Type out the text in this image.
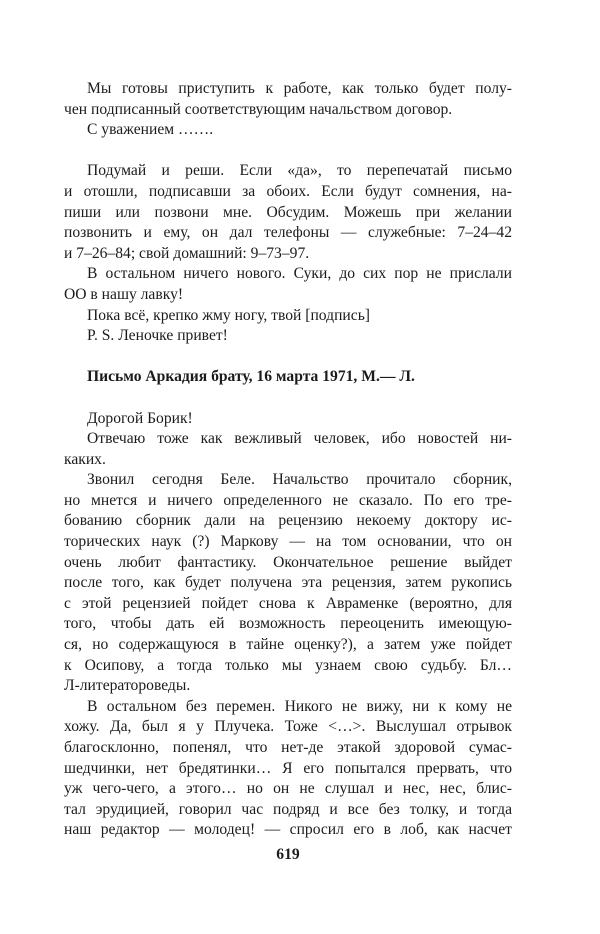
Мы готовы приступить к работе, как только будет полу-
чен подписанный соответствующим начальством договор.
С уважением …….
Подумай и реши. Если «да», то перепечатай письмо
и отошли, подписавши за обоих. Если будут сомнения, на-
пиши или позвони мне. Обсудим. Можешь при желании
позвонить и ему, он дал телефоны — служебные: 7–24–42
и 7–26–84; свой домашний: 9–73–97.
В остальном ничего нового. Суки, до сих пор не прислали
ОО в нашу лавку!
Пока всё, крепко жму ногу, твой [подпись]
P. S. Леночке привет!
Письмо Аркадия брату, 16 марта 1971, М.— Л.
Дорогой Борик!
Отвечаю тоже как вежливый человек, ибо новостей ни-
каких.
Звонил сегодня Беле. Начальство прочитало сборник,
но мнется и ничего определенного не сказало. По его тре-
бованию сборник дали на рецензию некоему доктору ис-
торических наук (?) Маркову — на том основании, что он
очень любит фантастику. Окончательное решение выйдет
после того, как будет получена эта рецензия, затем рукопись
с этой рецензией пойдет снова к Авраменке (вероятно, для
того, чтобы дать ей возможность переоценить имеющую-
ся, но содержащуюся в тайне оценку?), а затем уже пойдет
к Осипову, а тогда только мы узнаем свою судьбу. Бл…
Л-литератороведы.
В остальном без перемен. Никого не вижу, ни к кому не
хожу. Да, был я у Плучека. Тоже <…>. Выслушал отрывок
благосклонно, попенял, что нет-де этакой здоровой сумас-
шедчинки, нет бредятинки… Я его попытался прервать, что
уж чего-чего, а этого… но он не слушал и нес, нес, блис-
тал эрудицией, говорил час подряд и все без толку, и тогда
наш редактор — молодец! — спросил его в лоб, как насчет
619
